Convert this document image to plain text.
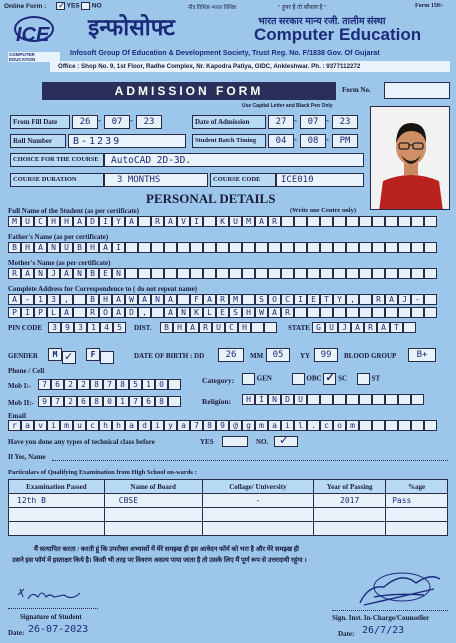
Online Form : ✓ YES NO	नीड विशिष्ट-भारत विशिष्ट	" हुनर है तो कौशल है "	Form 150/-
ICE
COMPUTER EDUCATION
इन्फोसोफ्ट	भारत सरकार मान्य रजी. तालीम संस्था
Computer Education
Infosoft Group Of Education & Development Society, Trust Reg. No. F/1838 Gov. Of Gujarat
Office : Shop No. 9, 1st Floor, Radhe Complex, Nr. Kapodra Patiya, GIDC, Ankleshwar. Ph. : 9377112272
ADMISSION FORM	Form No.
Use Capital Letter and Black Pen Only
From Fill Date	26 - 07 - 23	Date of Admission	27 - 07 - 23
Roll Number	B-1239	Student Batch Timing	04 - 08 - PM
CHOICE FOR THE COURSE	AutoCAD 2D-3D.
COURSE DURATION	3 MONTHS	COURSE CODE	ICE010
PERSONAL DETAILS
Full Name of the Student (as per certificate)	(Write one Centre only)
M U C H H A D I Y A	R A V I	K U M A R
Father's Name (as per certificate)
B H A N U B H A I
Mother's Name (as per certificate)
R A N J A N B E N
Complete Address for Correspondence to ( do not repeat name)
A - 1 3 ,	B H A W A N A	F A R M	S O C I E T Y ,	R A J -
P I P L A	R O A D ,	A N K L E S H W A R
PIN CODE	3 9 3 1 4 5	DIST.	B H A R U C H	STATE G U J A R A T
GENDER	M ✓ F	DATE OF BIRTH : DD	26	MM	05	YY	99	BLOOD GROUP	B+
Phone / Cell
Mob I:-	7 6 2 2 8 7 8 5 1 0
Mob II:-	9 7 2 6 8 0 1 7 6 8
Category:	GEN	OBC ✓ SC	ST
Religion:	H I N D U
Email
r a v i m u c h h a d i y a 7 8 9 @ g m a i l . c o m
Have you done any types of technical class before	YES	NO. ✓
If Yes, Name
Particulars of Qualifying Examination from High School on-wards :
Examination Passed	Name of Board	Collage/ University	Year of Passing	%age
12th B	CBSE	-	2017	Pass

मैं सत्यापित करता / करती हूं कि उपरोक्त अभ्यासों में मेरे समझ्ख ही इस आवेदन फॉर्म को भरा है और मेरे समझ्ख ही
उसने इस फॉर्म में हस्ताक्षर किये है। किसी भी तरह पर विवरण असत्य पाया जाता है तो उसके लिए मैं पूर्ण रूप से उत्तरदायी रहूंगा ।
Signature of Student
Date: 26-07-2023
Sign. Inst. In-Charge/Counseller
Date: 26/7/23
